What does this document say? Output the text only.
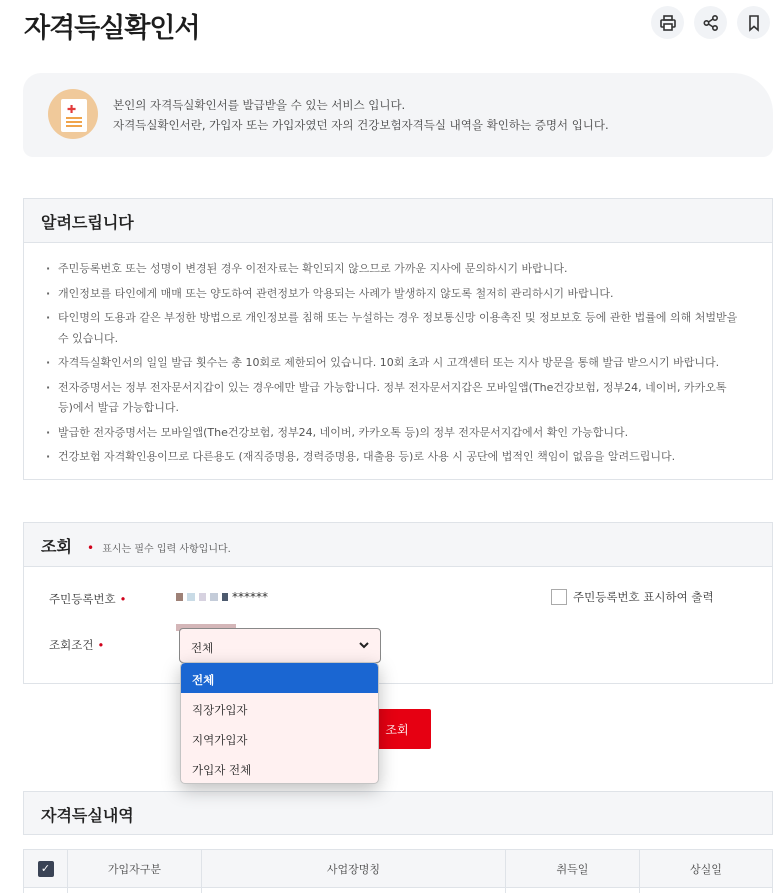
자격득실확인서
✚	본인의 자격득실확인서를 발급받을 수 있는 서비스 입니다.
자격득실확인서란, 가입자 또는 가입자였던 자의 건강보험자격득실 내역을 확인하는 증명서 입니다.
알려드립니다
· 주민등록번호 또는 성명이 변경된 경우 이전자료는 확인되지 않으므로 가까운 지사에 문의하시기 바랍니다.
· 개인정보를 타인에게 매매 또는 양도하여 관련정보가 악용되는 사례가 발생하지 않도록 철저히 관리하시기 바랍니다.
· 타인명의 도용과 같은 부정한 방법으로 개인정보를 침해 또는 누설하는 경우 정보통신망 이용촉진 및 정보보호 등에 관한 법률에 의해 처벌받을 수 있습니다.
· 자격득실확인서의 일일 발급 횟수는 총 10회로 제한되어 있습니다. 10회 초과 시 고객센터 또는 지사 방문을 통해 발급 받으시기 바랍니다.
· 전자증명서는 정부 전자문서지갑이 있는 경우에만 발급 가능합니다. 정부 전자문서지갑은 모바일앱(The건강보험, 정부24, 네이버, 카카오톡 등)에서 발급 가능합니다.
· 발급한 전자증명서는 모바일앱(The건강보험, 정부24, 네이버, 카카오톡 등)의 정부 전자문서지갑에서 확인 가능합니다.
· 건강보험 자격확인용이므로 다른용도 (재직증명용, 경력증명용, 대출용 등)로 사용 시 공단에 법적인 책임이 없음을 알려드립니다.
조회 • 표시는 필수 입력 사항입니다.
주민등록번호 •	******	주민등록번호 표시하여 출력
조회조건 •	전체
조회
자격득실내역
✓	가입자구분	사업장명칭	취득일	상실일

전체
직장가입자
지역가입자
가입자 전체
